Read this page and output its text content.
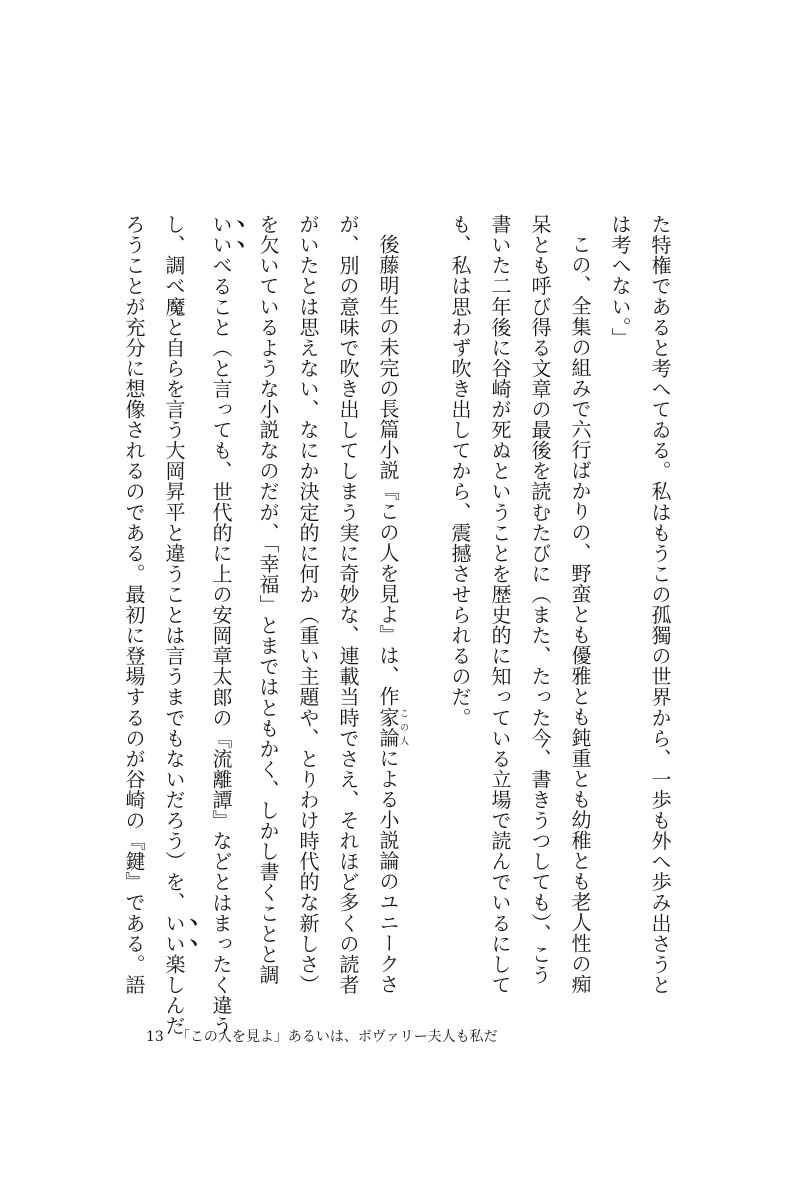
た特権であると考へてゐる。私はもうこの孤獨の世界から、一歩も外へ歩み出さうと
は考へない。」
この、全集の組みで六行ばかりの、野蛮とも優雅とも鈍重とも幼稚とも老人性の痴
呆とも呼び得る文章の最後を読むたびに（また、たった今、書きうつしても）、こう
書いた二年後に谷崎が死ぬということを歴史的に知っている立場で読んでいるにして
も、私は思わず吹き出してから、震撼させられるのだ。
後藤明生の未完の長篇小説『この人を見よ』は、作家論この人による小説論のユニークさ
が、別の意味で吹き出してしまう実に奇妙な、連載当時でさえ、それほど多くの読者
がいたとは思えない、なにか決定的に何か（重い主題や、とりわけ時代的な新しさ）
を欠いているような小説なのだが、「幸福」とまではともかく、しかし書くことと調
いいべること（と言っても、世代的に上の安岡章太郎の『流離譚』などとはまったく違う
し、調べ魔と自らを言う大岡昇平と違うことは言うまでもないだろう）を、いい楽しんだ
ろうことが充分に想像されるのである。最初に登場するのが谷崎の『鍵』である。語
13 「この人を見よ」あるいは、ボヴァリー夫人も私だ
